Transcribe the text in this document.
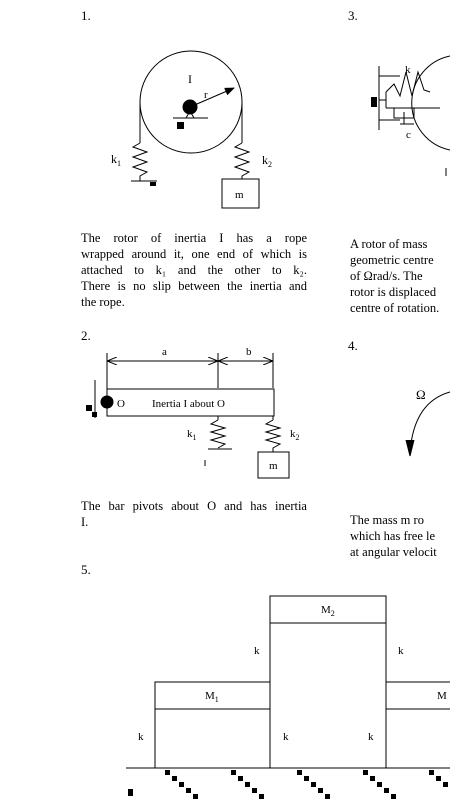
1.	3.
2.
4.
5.
The rotor of inertia I has a rope
wrapped around it, one end of which is
attached to k₁ and the other to k₂.
There is no slip between the inertia and
the rope.
The bar pivots about O and has inertia
I.
A rotor of mass
geometric centre
of Ωrad/s. The
rotor is displaced
centre of rotation.
The mass m ro
which has free le
at angular velocit
I
r
$k_1$	$k_2$
m
a	b
O Inertia I about O
$k_1$	$k_2$
m
k
c
Ω
$M_2$
$M_1$	M
k	k
k	k	k
